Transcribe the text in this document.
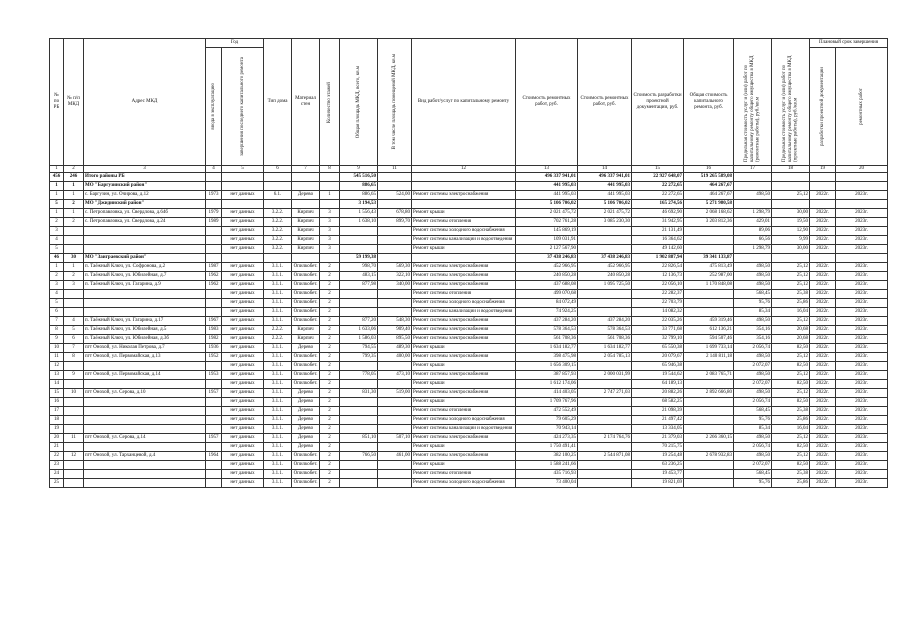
№ по РБ	№ п/п МКД	Адрес МКД	Год		Тип дома	Материал стен	Количество этажей	Общая площадь МКД, всего, кв.м	В том числе площадь помещений МКД, кв.м	Вид работ/услуг по капитальному ремонту	Стоимость ремонтных работ, руб.	Стоимость ремонтных работ, руб.	Стоимость разработки проектной документации, руб.	Общая стоимость капитального ремонта, руб.	Предельная стоимость услуг и (или) работ по капитальному ремонту общего имущества в МКД (ремонтные работы), руб./кв.м	Предельная стоимость услуг и (или) работ по капитальному ремонту общего имущества в МКД (проектные работы), руб./кв.м	Плановый срок завершения	

			ввода в эксплуатацию	завершения последнего капитального ремонта													разработки проектной документации	ремонтных работ

1	2	3	4	5	6	7	8	9	11	12	13	14	15	16	17	18	19	20
456	246	Итого районы РБ						545 516,50			496 337 941,01	496 337 941,01	22 927 648,07	519 265 589,08				
1	1	МО "Баргузинский район"						886,65			441 995,03	441 995,03	22 272,65	464 267,67				
1	1	с. Баргузин, ул. Очирова, д.12	1973	нет данных	6.1.	Дерево	1	886,65	524,00	Ремонт системы электроснабжения	441 995,03	441 995,03	22 272,65	464 267,67	498,50	25,12	2022г.	2023г.
5	2	МО "Джидинский район"						3 194,53			5 106 706,02	5 106 706,02	165 274,56	5 271 980,58				
1	1	с. Петропавловка, ул. Свердлова, д.64б	1979	нет данных	3.2.2.	Кирпич	3	1 556,43	678,80	Ремонт крыши	2 021 475,72	2 021 475,72	46 692,90	2 068 168,62	1 298,79	30,00	2022г.	2023г.
2	2	с. Петропавловка, ул. Свердлова, д.24	1989	нет данных	3.2.2.	Кирпич	3	1 638,10	899,70	Ремонт системы отопления	702 761,28	3 085 230,30	31 942,95	3 203 812,36	429,01	19,50	2022г.	2023г.
3				нет данных	3.2.2.	Кирпич	3			Ремонт системы холодного водоснабжения	145 869,19		21 131,49		89,06	12,90	2022г.	2023г.
4				нет данных	3.2.2.	Кирпич	3			Ремонт системы канализации и водоотведения	109 031,91		16 364,62		66,56	9,99	2022г.	2023г.
5				нет данных	3.2.2.	Кирпич	3			Ремонт крыши	2 127 567,90		49 142,60		1 298,79	30,00	2022г.	2023г.
46	30	МО "Заиграевский район"						59 199,38			37 438 246,83	37 438 246,83	1 902 887,94	39 341 133,87				
1	1	п. Таёжный Ключ, ул. Софронова, д.2	1987	нет данных	3.1.1.	Опилкобет.	2	998,70	569,30	Ремонт системы электроснабжения	452 966,95	452 966,95	22 826,54	475 813,49	498,50	25,12	2022г.	2023г.
2	2	п. Таёжный Ключ, ул. Юбилейная, д.7	1962	нет данных	3.1.1.	Опилкобет.	2	483,15	322,10	Ремонт системы электроснабжения	240 850,28	240 850,28	12 136,73	252 987,00	498,50	25,12	2022г.	2023г.
3	3	п. Таёжный Ключ, ул. Гагарина, д.9	1962	нет данных	3.1.1.	Опилкобет.	2	877,98	340,00	Ремонт системы электроснабжения	437 688,08	1 095 725,50	22 056,10	1 170 848,08	498,50	25,12	2022г.	2023г.
4				нет данных	3.1.1.	Опилкобет.	2			Ремонт системы отопления	499 070,68		22 282,37		568,45	25,38	2022г.	2023г.
5				нет данных	3.1.1.	Опилкобет.	2			Ремонт системы холодного водоснабжения	84 072,49		22 703,79		95,76	25,86	2022г.	2023г.
6				нет данных	3.1.1.	Опилкобет.	2			Ремонт системы канализации и водоотведения	74 924,25		14 082,32		85,34	16,04	2022г.	2023г.
7	4	п. Таёжный Ключ, ул. Гагарина, д.17	1967	нет данных	3.1.1.	Опилкобет.	2	877,20	548,30	Ремонт системы электроснабжения	437 284,20	437 284,20	22 035,26	459 319,46	498,50	25,12	2022г.	2023г.
8	5	п. Таёжный Ключ, ул. Юбилейная, д.5	1983	нет данных	2.2.2.	Кирпич	2	1 633,06	909,40	Ремонт системы электроснабжения	578 364,53	578 364,53	33 771,68	612 136,21	354,16	20,68	2022г.	2023г.
9	6	п. Таёжный Ключ, ул. Юбилейная, д.3б	1982	нет данных	2.2.2.	Кирпич	2	1 586,03	895,50	Ремонт системы электроснабжения	561 708,36	561 708,36	32 799,10	594 507,46	354,16	20,68	2022г.	2023г.
10	7	пгт Онохой, ул. Николая Петрова, д.7	1936	нет данных	3.1.1.	Дерево	2	794,55	489,30	Ремонт крыши	1 634 182,77	1 634 182,77	65 550,38	1 699 733,14	2 056,74	82,50	2022г.	2023г.
11	8	пгт Онохой, ул. Первомайская, д.13	1952	нет данных	3.1.1.	Опилкобет.	2	799,35	400,00	Ремонт системы электроснабжения	398 475,98	2 054 785,13	20 079,67	2 140 811,18	498,50	25,12	2022г.	2023г.
12				нет данных	3.1.1.	Опилкобет.	2			Ремонт крыши	1 656 309,15		65 946,38		2 072,07	82,50	2022г.	2023г.
13	9	пгт Онохой, ул. Первомайская, д.14	1953	нет данных	3.1.1.	Опилкобет.	2	778,05	473,10	Ремонт системы электроснабжения	387 857,93	2 000 031,99	19 544,62	2 083 765,71	498,50	25,12	2022г.	2023г.
14				нет данных	3.1.1.	Опилкобет.	2			Ремонт крыши	1 612 174,06		64 189,13		2 072,07	82,50	2022г.	2023г.
15	10	пгт Онохой, ул. Серова, д.10	1957	нет данных	3.1.1.	Дерево	2	831,30	519,00	Ремонт системы электроснабжения	414 403,05	2 747 271,03	20 882,26	2 892 666,80	498,50	25,12	2022г.	2023г.
16				нет данных	3.1.1.	Дерево	2			Ремонт крыши	1 709 767,96		68 582,25		2 056,74	82,50	2022г.	2023г.
17				нет данных	3.1.1.	Дерево	2			Ремонт системы отопления	472 552,49		21 098,39		568,45	25,38	2022г.	2023г.
18				нет данных	3.1.1.	Дерево	2			Ремонт системы холодного водоснабжения	79 605,29		21 497,42		95,76	25,86	2022г.	2023г.
19				нет данных	3.1.1.	Дерево	2			Ремонт системы канализации и водоотведения	70 943,14		13 334,05		85,34	16,04	2022г.	2023г.
20	11	пгт Онохой, ул. Серова, д.14	1957	нет данных	3.1.1.	Дерево	2	851,10	507,10	Ремонт системы электроснабжения	424 273,35	2 174 764,76	21 379,03	2 266 360,15	498,50	25,12	2022г.	2023г.
21				нет данных	3.1.1.	Дерево	2			Ремонт крыши	1 750 491,41		70 215,75		2 056,74	82,50	2022г.	2023г.
22	12	пгт Онохой, ул. Тарханцевой, д.4	1964	нет данных	3.1.1.	Опилкобет.	2	766,50	461,00	Ремонт системы электроснабжения	382 100,25	2 544 871,08	19 254,48	2 678 932,83	498,50	25,12	2022г.	2023г.
23				нет данных	3.1.1.	Опилкобет.	2			Ремонт крыши	1 588 241,66		63 236,25		2 072,07	82,50	2022г.	2023г.
24				нет данных	3.1.1.	Опилкобет.	2			Ремонт системы отопления	435 716,93		19 453,77		568,45	25,38	2022г.	2023г.
25				нет данных	3.1.1.	Опилкобет.	2			Ремонт системы холодного водоснабжения	73 400,04		19 821,69		95,76	25,86	2022г.	2023г.
